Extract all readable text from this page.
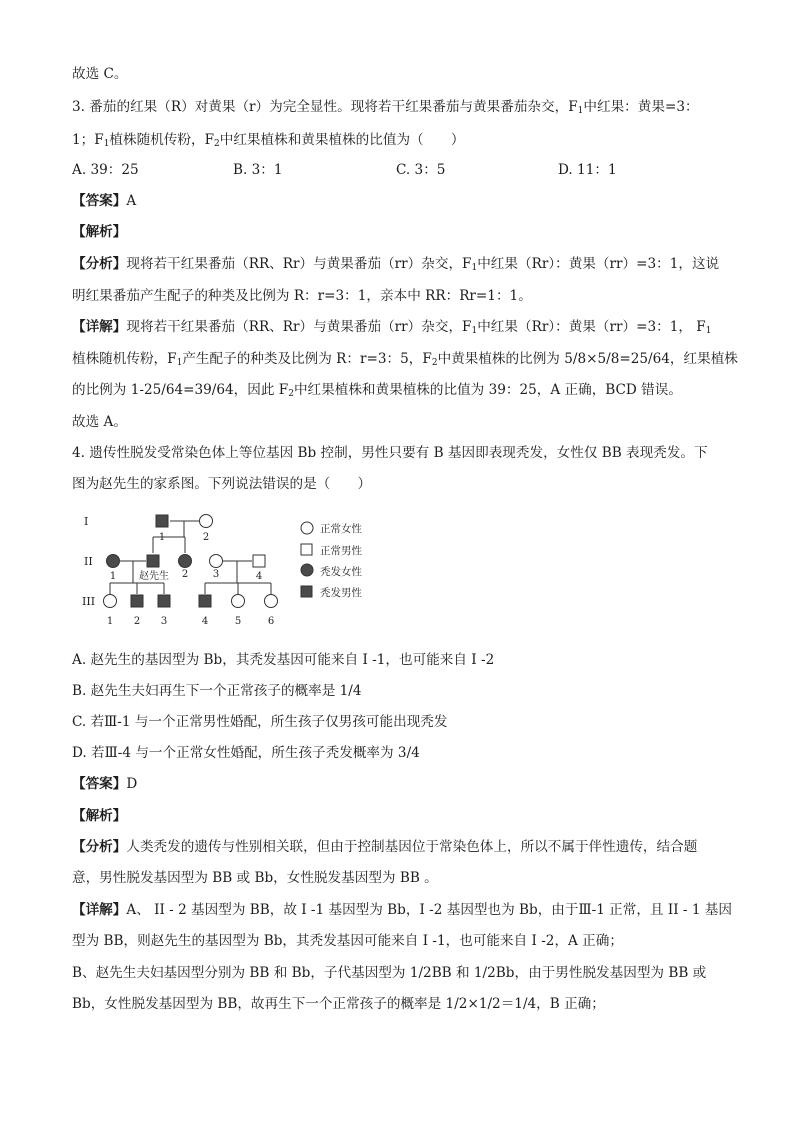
故选 C。
3. 番茄的红果（R）对黄果（r）为完全显性。现将若干红果番茄与黄果番茄杂交，$F_1$中红果：黄果=3：
1；$F_1$植株随机传粉，$F_2$中红果植株和黄果植株的比值为（　　）
A. 39：25	B. 3：1	C. 3：5	D. 11：1
【答案】A
【解析】
【分析】现将若干红果番茄（RR、Rr）与黄果番茄（rr）杂交，$F_1$中红果（Rr）：黄果（rr）=3：1，这说
明红果番茄产生配子的种类及比例为 R：r=3：1，亲本中 RR：Rr=1：1。
【详解】现将若干红果番茄（RR、Rr）与黄果番茄（rr）杂交，$F_1$中红果（Rr）：黄果（rr）=3：1， $F_1$
植株随机传粉，$F_1$产生配子的种类及比例为 R：r=3：5，$F_2$中黄果植株的比例为 5/8×5/8=25/64，红果植株
的比例为 1-25/64=39/64，因此 $F_2$中红果植株和黄果植株的比值为 39：25，A 正确，BCD 错误。
故选 A。
4. 遗传性脱发受常染色体上等位基因 Bb 控制，男性只要有 B 基因即表现秃发，女性仅 BB 表现秃发。下
图为赵先生的家系图。下列说法错误的是（　　）
I
II
III
1	2
1 赵先生 2 3	4
1 2 3	4	5	6
正常女性
正常男性
秃发女性
秃发男性
A. 赵先生的基因型为 Bb，其秃发基因可能来自 I -1，也可能来自 I -2
B. 赵先生夫妇再生下一个正常孩子的概率是 1/4
C. 若Ⅲ-1 与一个正常男性婚配，所生孩子仅男孩可能出现秃发
D. 若Ⅲ-4 与一个正常女性婚配，所生孩子秃发概率为 3/4
【答案】D
【解析】
【分析】人类秃发的遗传与性别相关联，但由于控制基因位于常染色体上，所以不属于伴性遗传，结合题
意，男性脱发基因型为 BB 或 Bb，女性脱发基因型为 BB 。
【详解】A、 II - 2 基因型为 BB，故 I -1 基因型为 Bb，I -2 基因型也为 Bb，由于Ⅲ-1 正常，且 II - 1 基因
型为 BB，则赵先生的基因型为 Bb，其秃发基因可能来自 I -1，也可能来自 I -2，A 正确；
B、赵先生夫妇基因型分别为 BB 和 Bb，子代基因型为 1/2BB 和 1/2Bb，由于男性脱发基因型为 BB 或
Bb，女性脱发基因型为 BB，故再生下一个正常孩子的概率是 1/2×1/2＝1/4，B 正确；
